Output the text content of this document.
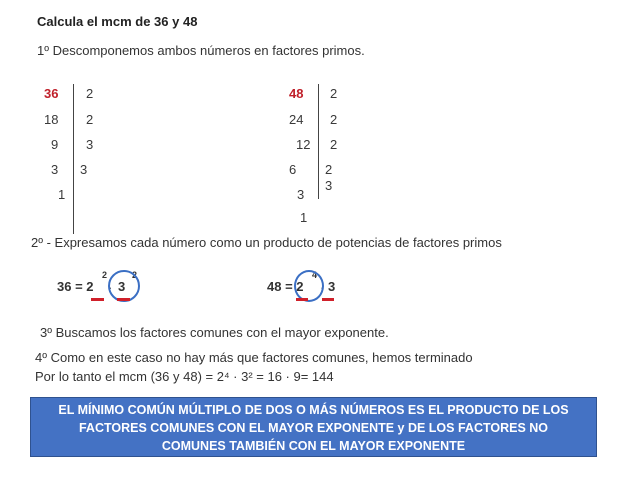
Calcula el mcm de 36 y 48
1º Descomponemos ambos números en factores primos.
36
18
9
3
1
2
2
3
3
48
24
12
6
3
1
2
2
2
2
3
2º - Expresamos cada número como un producto de potencias de factores primos
36 = 2
2
· 3
2
48 = 2
4
· 3
3º Buscamos los factores comunes con el mayor exponente.
4º Como en este caso no hay más que factores comunes, hemos terminado
Por lo tanto el mcm (36 y 48) = 2⁴ · 3² = 16 · 9= 144
EL MÍNIMO COMÚN MÚLTIPLO DE DOS O MÁS NÚMEROS ES EL PRODUCTO DE LOS
FACTORES COMUNES CON EL MAYOR EXPONENTE y DE LOS FACTORES NO
COMUNES TAMBIÉN CON EL MAYOR EXPONENTE
